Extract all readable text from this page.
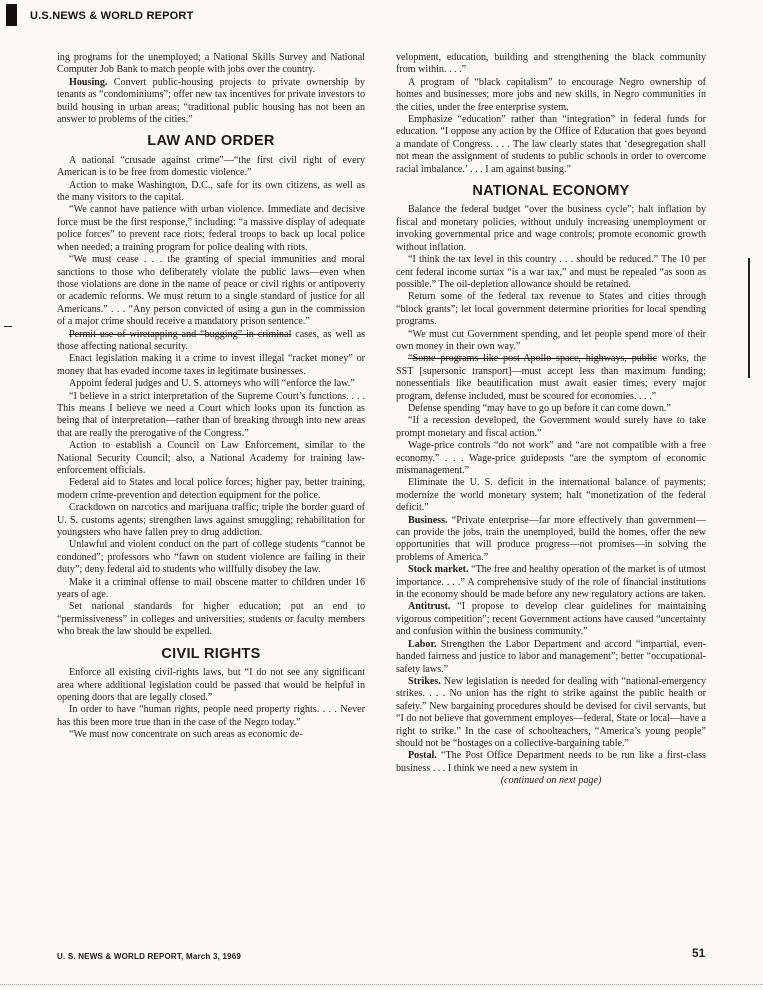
U.S.NEWS & WORLD REPORT

ing programs for the unemployed; a National Skills Survey and National Computer Job Bank to match people with jobs over the country.

Housing. Convert public-housing projects to private ownership by tenants as “condominiums”; offer new tax incentives for private investors to build housing in urban areas; “traditional public housing has not been an answer to problems of the cities.”

LAW AND ORDER

A national “crusade against crime”—“the first civil right of every American is to be free from domestic violence.”

Action to make Washington, D.C., safe for its own citizens, as well as the many visitors to the capital.

“We cannot have patience with urban violence. Immediate and decisive force must be the first response,” including: “a massive display of adequate police forces” to prevent race riots; federal troops to back up local police when needed; a training program for police dealing with riots.

“We must cease . . . the granting of special immunities and moral sanctions to those who deliberately violate the public laws—even when those violations are done in the name of peace or civil rights or antipoverty or academic reforms. We must return to a single standard of justice for all Americans.” . . . “Any person convicted of using a gun in the commission of a major crime should receive a mandatory prison sentence.”

Permit use of wiretapping and “bugging” in criminal cases, as well as those affecting national security.

Enact legislation making it a crime to invest illegal “racket money” or money that has evaded income taxes in legitimate businesses.

Appoint federal judges and U. S. attorneys who will “enforce the law.”

“I believe in a strict interpretation of the Supreme Court’s functions. . . . This means I believe we need a Court which looks upon its function as being that of interpretation—rather than of breaking through into new areas that are really the prerogative of the Congress.”

Action to establish a Council on Law Enforcement, similar to the National Security Council; also, a National Academy for training law-enforcement officials.

Federal aid to States and local police forces; higher pay, better training, modern crime-prevention and detection equipment for the police.

Crackdown on narcotics and marijuana traffic; triple the border guard of U. S. customs agents; strengthen laws against smuggling; rehabilitation for youngsters who have fallen prey to drug addiction.

Unlawful and violent conduct on the part of college students “cannot be condoned”; professors who “fawn on student violence are failing in their duty”; deny federal aid to students who willfully disobey the law.

Make it a criminal offense to mail obscene matter to children under 16 years of age.

Set national standards for higher education; put an end to “permissiveness” in colleges and universities; students or faculty members who break the law should be expelled.

CIVIL RIGHTS

Enforce all existing civil-rights laws, but “I do not see any significant area where additional legislation could be passed that would be helpful in opening doors that are legally closed.”

In order to have “human rights, people need property rights. . . . Never has this been more true than in the case of the Negro today.”

“We must now concentrate on such areas as economic de-

velopment, education, building and strengthening the black community from within. . . .”

A program of “black capitalism” to encourage Negro ownership of homes and businesses; more jobs and new skills, in Negro communities in the cities, under the free enterprise system.

Emphasize “education” rather than “integration” in federal funds for education. “I oppose any action by the Office of Education that goes beyond a mandate of Congress. . . . The law clearly states that ‘desegregation shall not mean the assignment of students to public schools in order to overcome racial imbalance.’ . . . I am against busing.”

NATIONAL ECONOMY

Balance the federal budget “over the business cycle”; halt inflation by fiscal and monetary policies, without unduly increasing unemployment or invoking governmental price and wage controls; promote economic growth without inflation.

“I think the tax level in this country . . . should be reduced.” The 10 per cent federal income surtax “is a war tax,” and must be repealed “as soon as possible.” The oil-depletion allowance should be retained.

Return some of the federal tax revenue to States and cities through “block grants”; let local government determine priorities for local spending programs.

“We must cut Government spending, and let people spend more of their own money in their own way.”

“Some programs like post-Apollo space, highways, public works, the SST [supersonic transport]—must accept less than maximum funding; nonessentials like beautification must await easier times; every major program, defense included, must be scoured for economies. . . .”

Defense spending “may have to go up before it can come down.”

“If a recession developed, the Government would surely have to take prompt monetary and fiscal action.”

Wage-price controls “do not work” and “are not compatible with a free economy.” . . . Wage-price guideposts “are the symptom of economic mismanagement.”

Eliminate the U. S. deficit in the international balance of payments; modernize the world monetary system; halt “monetization of the federal deficit.”

Business. “Private enterprise—far more effectively than government—can provide the jobs, train the unemployed, build the homes, offer the new opportunities that will produce progress—not promises—in solving the problems of America.”

Stock market. “The free and healthy operation of the market is of utmost importance. . . .” A comprehensive study of the role of financial institutions in the economy should be made before any new regulatory actions are taken.

Antitrust. “I propose to develop clear guidelines for maintaining vigorous competition”; recent Government actions have caused “uncertainty and confusion within the business community.”

Labor. Strengthen the Labor Department and accord “impartial, even-handed fairness and justice to labor and management”; better “occupational-safety laws.”

Strikes. New legislation is needed for dealing with “national-emergency strikes. . . . No union has the right to strike against the public health or safety.” New bargaining procedures should be devised for civil servants, but “I do not believe that government employes—federal, State or local—have a right to strike.” In the case of schoolteachers, “America’s young people” should not be “hostages on a collective-bargaining table.”

Postal. “The Post Office Department needs to be run like a first-class business . . . I think we need a new system in

(continued on next page)

U. S. NEWS & WORLD REPORT, March 3, 1969	51
